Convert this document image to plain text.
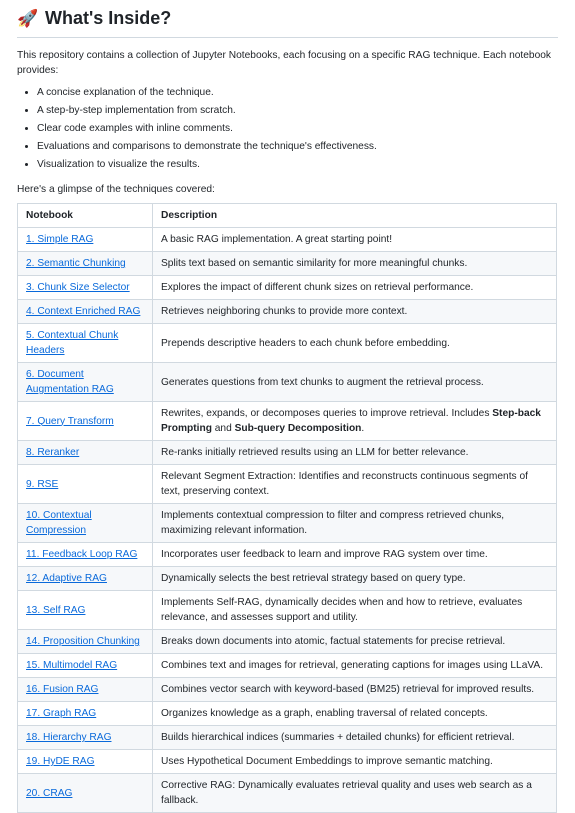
🚀 What's Inside?

This repository contains a collection of Jupyter Notebooks, each focusing on a specific RAG technique. Each notebook provides:

• A concise explanation of the technique.
• A step-by-step implementation from scratch.
• Clear code examples with inline comments.
• Evaluations and comparisons to demonstrate the technique's effectiveness.
• Visualization to visualize the results.

Here's a glimpse of the techniques covered:

Notebook	Description
1. Simple RAG	A basic RAG implementation. A great starting point!
2. Semantic Chunking	Splits text based on semantic similarity for more meaningful chunks.
3. Chunk Size Selector	Explores the impact of different chunk sizes on retrieval performance.
4. Context Enriched RAG	Retrieves neighboring chunks to provide more context.
5. Contextual Chunk Headers	Prepends descriptive headers to each chunk before embedding.
6. Document Augmentation RAG	Generates questions from text chunks to augment the retrieval process.
7. Query Transform	Rewrites, expands, or decomposes queries to improve retrieval. Includes Step-back Prompting and Sub-query Decomposition.
8. Reranker	Re-ranks initially retrieved results using an LLM for better relevance.
9. RSE	Relevant Segment Extraction: Identifies and reconstructs continuous segments of text, preserving context.
10. Contextual Compression	Implements contextual compression to filter and compress retrieved chunks, maximizing relevant information.
11. Feedback Loop RAG	Incorporates user feedback to learn and improve RAG system over time.
12. Adaptive RAG	Dynamically selects the best retrieval strategy based on query type.
13. Self RAG	Implements Self-RAG, dynamically decides when and how to retrieve, evaluates relevance, and assesses support and utility.
14. Proposition Chunking	Breaks down documents into atomic, factual statements for precise retrieval.
15. Multimodel RAG	Combines text and images for retrieval, generating captions for images using LLaVA.
16. Fusion RAG	Combines vector search with keyword-based (BM25) retrieval for improved results.
17. Graph RAG	Organizes knowledge as a graph, enabling traversal of related concepts.
18. Hierarchy RAG	Builds hierarchical indices (summaries + detailed chunks) for efficient retrieval.
19. HyDE RAG	Uses Hypothetical Document Embeddings to improve semantic matching.
20. CRAG	Corrective RAG: Dynamically evaluates retrieval quality and uses web search as a fallback.
